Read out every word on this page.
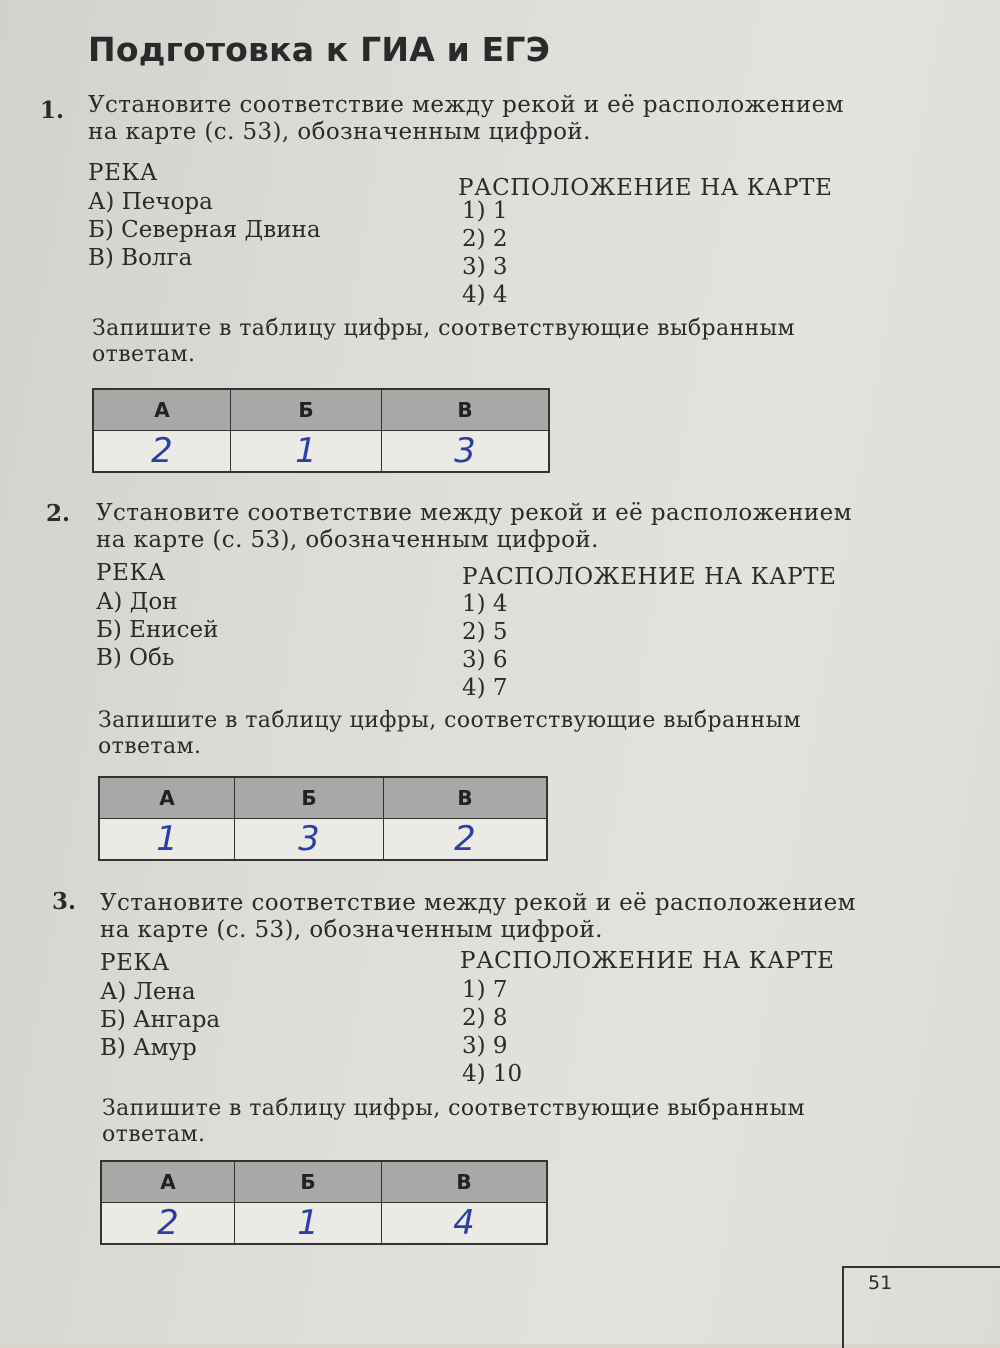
Подготовка к ГИА и ЕГЭ
1. Установите соответствие между рекой и её расположением
на карте (с. 53), обозначенным цифрой.
РЕКА
РАСПОЛОЖЕНИЕ НА КАРТЕ
А) Печора
Б) Северная Двина
В) Волга
1) 1
2) 2
3) 3
4) 4
Запишите в таблицу цифры, соответствующие выбранным
ответам.
А	Б	В
2	1	3
2. Установите соответствие между рекой и её расположением
на карте (с. 53), обозначенным цифрой.
РЕКА	РАСПОЛОЖЕНИЕ НА КАРТЕ
А) Дон
Б) Енисей
В) Обь
1) 4
2) 5
3) 6
4) 7
Запишите в таблицу цифры, соответствующие выбранным
ответам.
А	Б	В
1	3	2
3. Установите соответствие между рекой и её расположением
на карте (с. 53), обозначенным цифрой.
РЕКА	РАСПОЛОЖЕНИЕ НА КАРТЕ
А) Лена
Б) Ангара
В) Амур
1) 7
2) 8
3) 9
4) 10
Запишите в таблицу цифры, соответствующие выбранным
ответам.
А	Б	В
2	1	4
51
